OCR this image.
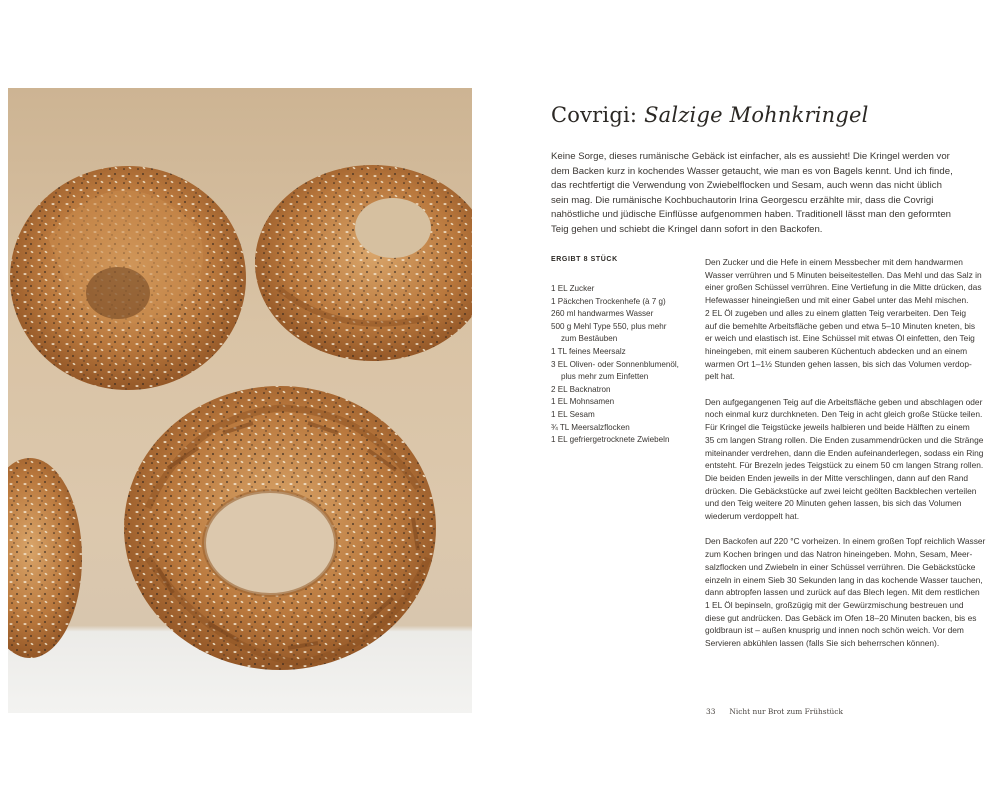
Covrigi: Salzige Mohnkringel

Keine Sorge, dieses rumänische Gebäck ist einfacher, als es aussieht! Die Kringel werden vor
dem Backen kurz in kochendes Wasser getaucht, wie man es von Bagels kennt. Und ich finde,
das rechtfertigt die Verwendung von Zwiebelflocken und Sesam, auch wenn das nicht üblich
sein mag. Die rumänische Kochbuchautorin Irina Georgescu erzählte mir, dass die Covrigi
nahöstliche und jüdische Einflüsse aufgenommen haben. Traditionell lässt man den geformten
Teig gehen und schiebt die Kringel dann sofort in den Backofen.

ERGIBT 8 STÜCK
1 EL Zucker
1 Päckchen Trockenhefe (à 7 g)
260 ml handwarmes Wasser
500 g Mehl Type 550, plus mehr
zum Bestäuben
1 TL feines Meersalz
3 EL Oliven- oder Sonnenblumenöl,
plus mehr zum Einfetten
2 EL Backnatron
1 EL Mohnsamen
1 EL Sesam
¾ TL Meersalzflocken
1 EL gefriergetrocknete Zwiebeln

Den Zucker und die Hefe in einem Messbecher mit dem handwarmen
Wasser verrühren und 5 Minuten beiseitestellen. Das Mehl und das Salz in
einer großen Schüssel verrühren. Eine Vertiefung in die Mitte drücken, das
Hefewasser hineingießen und mit einer Gabel unter das Mehl mischen.
2 EL Öl zugeben und alles zu einem glatten Teig verarbeiten. Den Teig
auf die bemehlte Arbeitsfläche geben und etwa 5–10 Minuten kneten, bis
er weich und elastisch ist. Eine Schüssel mit etwas Öl einfetten, den Teig
hineingeben, mit einem sauberen Küchentuch abdecken und an einem
warmen Ort 1–1½ Stunden gehen lassen, bis sich das Volumen verdop-
pelt hat.

Den aufgegangenen Teig auf die Arbeitsfläche geben und abschlagen oder
noch einmal kurz durchkneten. Den Teig in acht gleich große Stücke teilen.
Für Kringel die Teigstücke jeweils halbieren und beide Hälften zu einem
35 cm langen Strang rollen. Die Enden zusammendrücken und die Stränge
miteinander verdrehen, dann die Enden aufeinanderlegen, sodass ein Ring
entsteht. Für Brezeln jedes Teigstück zu einem 50 cm langen Strang rollen.
Die beiden Enden jeweils in der Mitte verschlingen, dann auf den Rand
drücken. Die Gebäckstücke auf zwei leicht geölten Backblechen verteilen
und den Teig weitere 20 Minuten gehen lassen, bis sich das Volumen
wiederum verdoppelt hat.

Den Backofen auf 220 °C vorheizen. In einem großen Topf reichlich Wasser
zum Kochen bringen und das Natron hineingeben. Mohn, Sesam, Meer-
salzflocken und Zwiebeln in einer Schüssel verrühren. Die Gebäckstücke
einzeln in einem Sieb 30 Sekunden lang in das kochende Wasser tauchen,
dann abtropfen lassen und zurück auf das Blech legen. Mit dem restlichen
1 EL Öl bepinseln, großzügig mit der Gewürzmischung bestreuen und
diese gut andrücken. Das Gebäck im Ofen 18–20 Minuten backen, bis es
goldbraun ist – außen knusprig und innen noch schön weich. Vor dem
Servieren abkühlen lassen (falls Sie sich beherrschen können).

33 Nicht nur Brot zum Frühstück
